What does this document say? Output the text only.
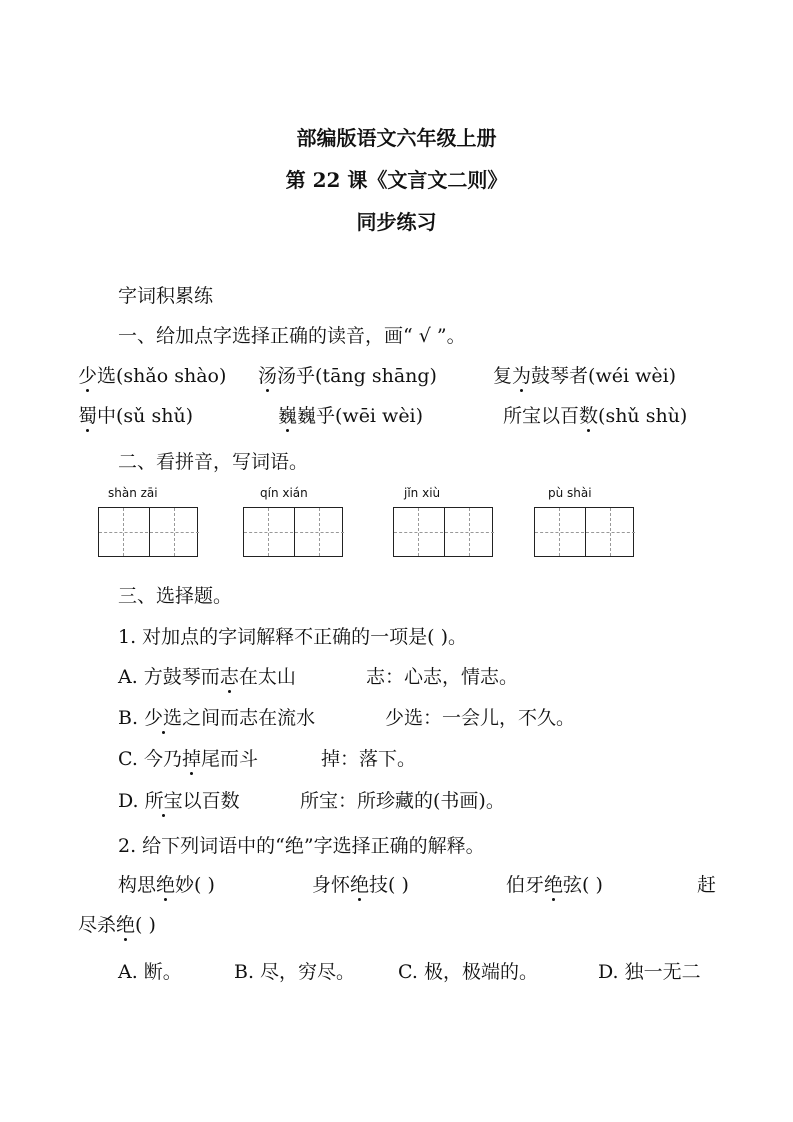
部编版语文六年级上册
第 22 课《文言文二则》
同步练习
字词积累练
一、给加点字选择正确的读音，画“ √ ”。
少选(shǎo shào) 汤汤乎(tāng shāng)	复为鼓琴者(wéi wèi)
蜀中(sǔ shǔ)	巍巍乎(wēi wèi)	所宝以百数(shǔ shù)
二、看拼音，写词语。
shàn zāi	qín xián	jǐn xiù	pù shài
三、选择题。
1. 对加点的字词解释不正确的一项是( )。
A. 方鼓琴而志在太山	志：心志，情志。
B. 少选之间而志在流水	少选：一会儿，不久。
C. 今乃掉尾而斗	掉：落下。
D. 所宝以百数	所宝：所珍藏的(书画)。
2. 给下列词语中的“绝”字选择正确的解释。
构思绝妙( )	身怀绝技( )	伯牙绝弦( )	赶
尽杀绝( )
A. 断。	B. 尽，穷尽。 C. 极，极端的。	D. 独一无二
